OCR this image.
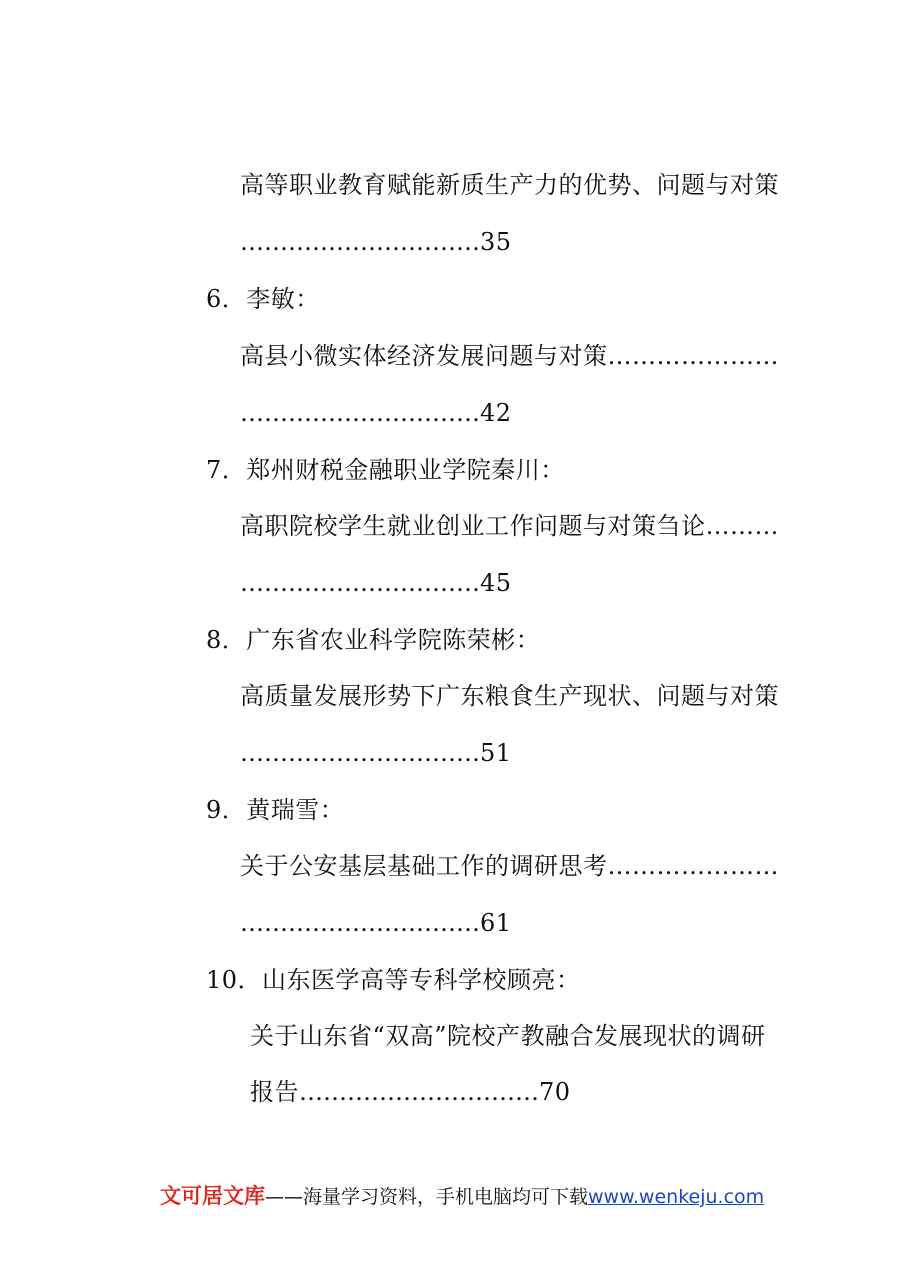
高等职业教育赋能新质生产力的优势、问题与对策
…………………………35
6．李敏：
高县小微实体经济发展问题与对策…………………
…………………………42
7．郑州财税金融职业学院秦川：
高职院校学生就业创业工作问题与对策刍论………
…………………………45
8．广东省农业科学院陈荣彬：
高质量发展形势下广东粮食生产现状、问题与对策
…………………………51
9．黄瑞雪：
关于公安基层基础工作的调研思考…………………
…………………………61
10．山东医学高等专科学校顾亮：
关于山东省“双高”院校产教融合发展现状的调研
报告…………………………70
文可居文库——海量学习资料，手机电脑均可下载www.wenkeju.com
